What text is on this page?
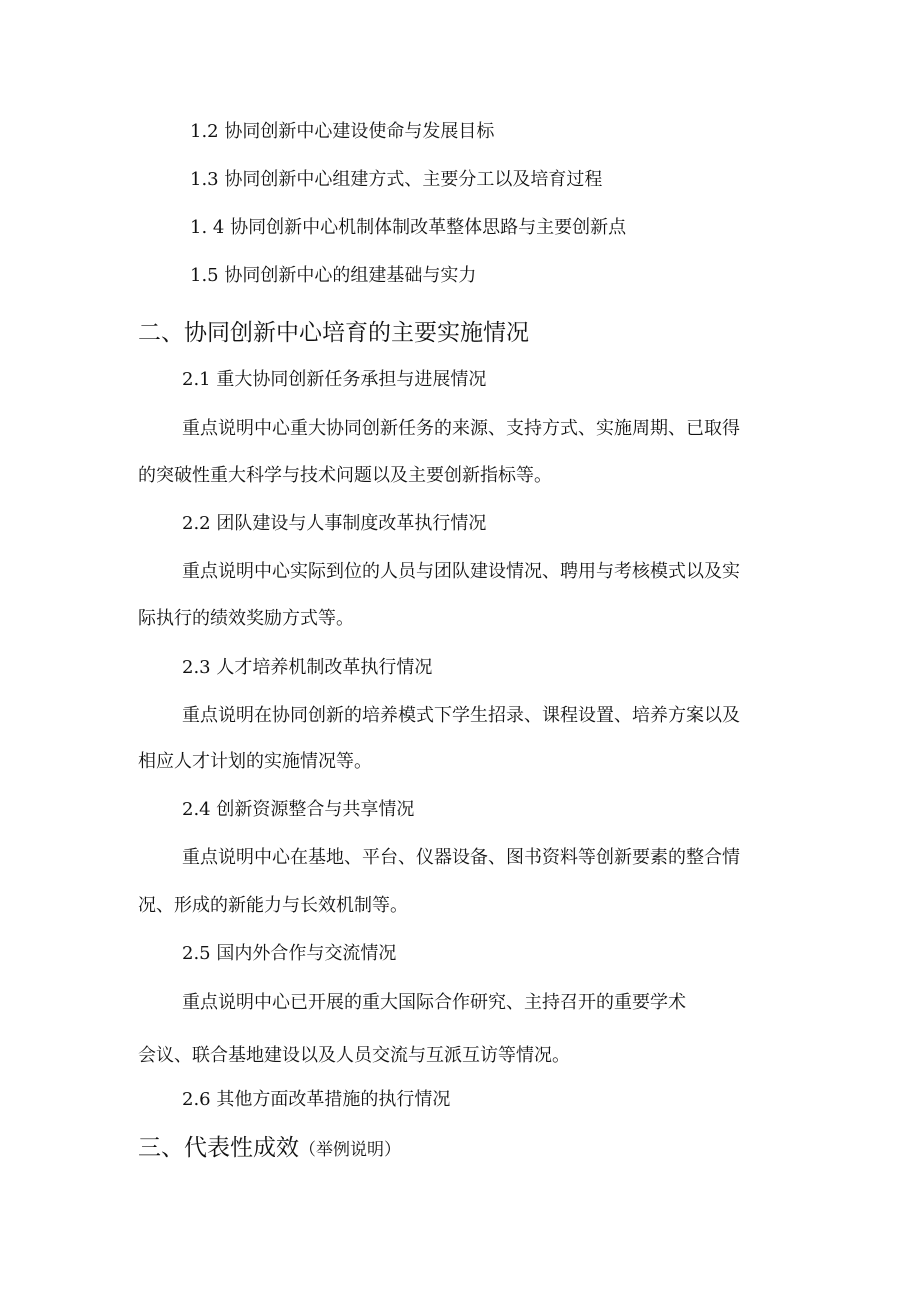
1.2 协同创新中心建设使命与发展目标
1.3 协同创新中心组建方式、主要分工以及培育过程
1. 4 协同创新中心机制体制改革整体思路与主要创新点
1.5 协同创新中心的组建基础与实力
二、协同创新中心培育的主要实施情况
2.1 重大协同创新任务承担与进展情况
重点说明中心重大协同创新任务的来源、支持方式、实施周期、已取得
的突破性重大科学与技术问题以及主要创新指标等。
2.2 团队建设与人事制度改革执行情况
重点说明中心实际到位的人员与团队建设情况、聘用与考核模式以及实
际执行的绩效奖励方式等。
2.3 人才培养机制改革执行情况
重点说明在协同创新的培养模式下学生招录、课程设置、培养方案以及
相应人才计划的实施情况等。
2.4 创新资源整合与共享情况
重点说明中心在基地、平台、仪器设备、图书资料等创新要素的整合情
况、形成的新能力与长效机制等。
2.5 国内外合作与交流情况
重点说明中心已开展的重大国际合作研究、主持召开的重要学术
会议、联合基地建设以及人员交流与互派互访等情况。
2.6 其他方面改革措施的执行情况
三、代表性成效（举例说明）
